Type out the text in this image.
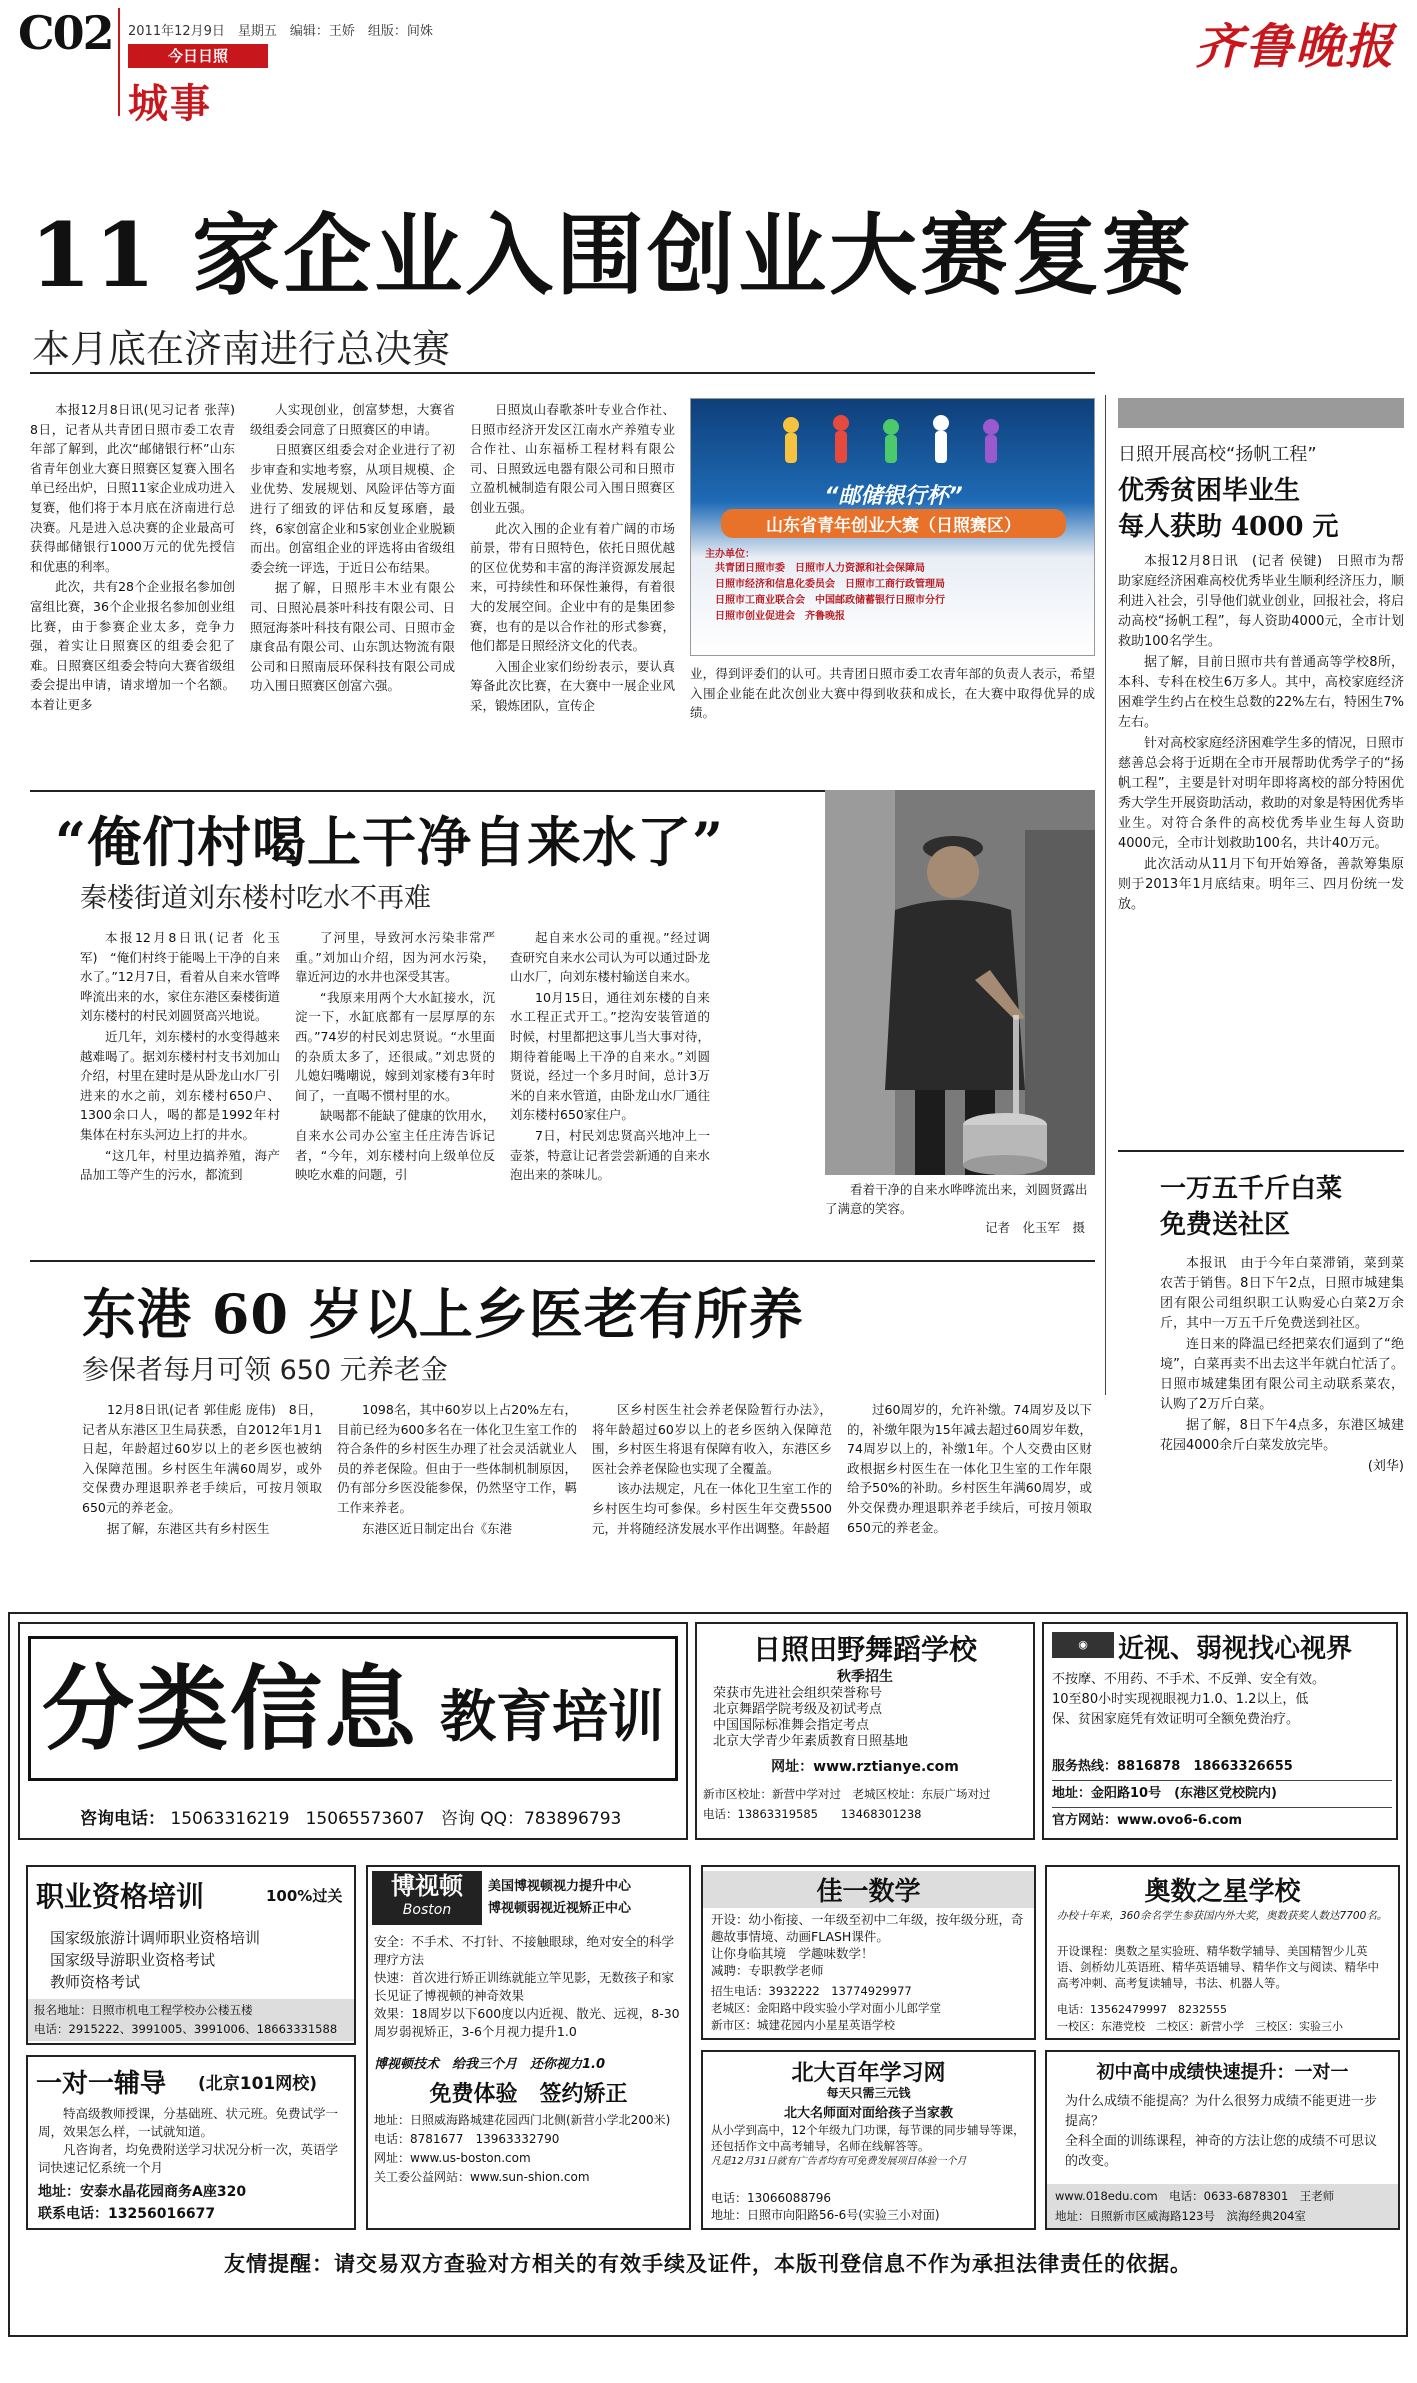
C02 2011年12月9日　星期五　编辑：王娇　组版：间姝
今日日照
城事
齐鲁晚报
11 家企业入围创业大赛复赛
本月底在济南进行总决赛

本报12月8日讯(见习记者 张萍)　8日，记者从共青团日照市委工农青年部了解到，此次“邮储银行杯”山东省青年创业大赛日照赛区复赛入围名单已经出炉，日照11家企业成功进入复赛，他们将于本月底在济南进行总决赛。凡是进入总决赛的企业最高可获得邮储银行1000万元的优先授信和优惠的利率。

此次，共有28个企业报名参加创富组比赛，36个企业报名参加创业组比赛，由于参赛企业太多，竞争力强，着实让日照赛区的组委会犯了难。日照赛区组委会特向大赛省级组委会提出申请，请求增加一个名额。本着让更多

人实现创业，创富梦想，大赛省级组委会同意了日照赛区的申请。

日照赛区组委会对企业进行了初步审查和实地考察，从项目规模、企业优势、发展规划、风险评估等方面进行了细致的评估和反复琢磨，最终，6家创富企业和5家创业企业脱颖而出。创富组企业的评选将由省级组委会统一评选，于近日公布结果。

据了解，日照彤丰木业有限公司、日照沁晨茶叶科技有限公司、日照冠海茶叶科技有限公司、日照市金康食品有限公司、山东凯达物流有限公司和日照南辰环保科技有限公司成功入围日照赛区创富六强。

日照岚山春歌茶叶专业合作社、日照市经济开发区江南水产养殖专业合作社、山东福桥工程材料有限公司、日照致远电器有限公司和日照市立盈机械制造有限公司入围日照赛区创业五强。

此次入围的企业有着广阔的市场前景，带有日照特色，依托日照优越的区位优势和丰富的海洋资源发展起来，可持续性和环保性兼得，有着很大的发展空间。企业中有的是集团参赛，也有的是以合作社的形式参赛，他们都是日照经济文化的代表。

入围企业家们纷纷表示，要认真筹备此次比赛，在大赛中一展企业风采，锻炼团队，宣传企

“邮储银行杯”
山东省青年创业大赛（日照赛区）
主办单位：
共青团日照市委　日照市人力资源和社会保障局
日照市经济和信息化委员会　日照市工商行政管理局
日照市工商业联合会　中国邮政储蓄银行日照市分行
日照市创业促进会　齐鲁晚报

业，得到评委们的认可。共青团日照市委工农青年部的负责人表示，希望入围企业能在此次创业大赛中得到收获和成长，在大赛中取得优异的成绩。

日照开展高校“扬帆工程”
优秀贫困毕业生
每人获助 4000 元

本报12月8日讯　(记者 侯键)　日照市为帮助家庭经济困难高校优秀毕业生顺利经济压力，顺利进入社会，引导他们就业创业，回报社会，将启动高校“扬帆工程”，每人资助4000元，全市计划救助100名学生。

据了解，目前日照市共有普通高等学校8所，本科、专科在校生6万多人。其中，高校家庭经济困难学生约占在校生总数的22%左右，特困生7%左右。

针对高校家庭经济困难学生多的情况，日照市慈善总会将于近期在全市开展帮助优秀学子的“扬帆工程”，主要是针对明年即将离校的部分特困优秀大学生开展资助活动，救助的对象是特困优秀毕业生。对符合条件的高校优秀毕业生每人资助4000元，全市计划救助100名，共计40万元。

此次活动从11月下旬开始筹备，善款筹集原则于2013年1月底结束。明年三、四月份统一发放。

“俺们村喝上干净自来水了”
秦楼街道刘东楼村吃水不再难

本报12月8日讯(记者 化玉军)　“俺们村终于能喝上干净的自来水了。”12月7日，看着从自来水管哗哗流出来的水，家住东港区秦楼街道刘东楼村的村民刘圆贤高兴地说。

近几年，刘东楼村的水变得越来越难喝了。据刘东楼村村支书刘加山介绍，村里在建时是从卧龙山水厂引进来的水之前，刘东楼村650户、1300余口人，喝的都是1992年村集体在村东头河边上打的井水。

“这几年，村里边搞养殖，海产品加工等产生的污水，都流到

了河里，导致河水污染非常严重。”刘加山介绍，因为河水污染，靠近河边的水井也深受其害。

“我原来用两个大水缸接水，沉淀一下，水缸底都有一层厚厚的东西。”74岁的村民刘忠贤说。“水里面的杂质太多了，还很咸。”刘忠贤的儿媳妇嘴嘲说，嫁到刘家楼有3年时间了，一直喝不惯村里的水。

缺喝都不能缺了健康的饮用水，自来水公司办公室主任庄涛告诉记者，“今年，刘东楼村向上级单位反映吃水难的问题，引

起自来水公司的重视。”经过调查研究自来水公司认为可以通过卧龙山水厂，向刘东楼村输送自来水。

10月15日，通往刘东楼的自来水工程正式开工。”挖沟安装管道的时候，村里都把这事儿当大事对待，期待着能喝上干净的自来水。”刘圆贤说，经过一个多月时间，总计3万米的自来水管道，由卧龙山水厂通往刘东楼村650家住户。

7日，村民刘忠贤高兴地冲上一壶茶，特意让记者尝尝新通的自来水泡出来的茶味儿。

看着干净的自来水哗哗流出来，刘圆贤露出了满意的笑容。
记者　化玉军　摄
一万五千斤白菜
免费送社区

本报讯　由于今年白菜滞销，菜到菜农苦于销售。8日下午2点，日照市城建集团有限公司组织职工认购爱心白菜2万余斤，其中一万五千斤免费送到社区。

连日来的降温已经把菜农们逼到了“绝境”，白菜再卖不出去这半年就白忙活了。日照市城建集团有限公司主动联系菜农，认购了2万斤白菜。

据了解，8日下午4点多，东港区城建花园4000余斤白菜发放完毕。

(刘华)
东港 60 岁以上乡医老有所养
参保者每月可领 650 元养老金

12月8日讯(记者 郭佳彪 庞伟)　8日，记者从东港区卫生局获悉，自2012年1月1日起，年龄超过60岁以上的老乡医也被纳入保障范围。乡村医生年满60周岁，或外交保费办理退职养老手续后，可按月领取650元的养老金。

据了解，东港区共有乡村医生

1098名，其中60岁以上占20%左右，目前已经为600多名在一体化卫生室工作的符合条件的乡村医生办理了社会灵活就业人员的养老保险。但由于一些体制机制原因，仍有部分乡医没能参保，仍然坚守工作，羁工作来养老。

东港区近日制定出台《东港

区乡村医生社会养老保险暂行办法》，将年龄超过60岁以上的老乡医纳入保障范围，乡村医生将退有保障有收入，东港区乡医社会养老保险也实现了全覆盖。

该办法规定，凡在一体化卫生室工作的乡村医生均可参保。乡村医生年交费5500元，并将随经济发展水平作出调整。年龄超

过60周岁的，允许补缴。74周岁及以下的，补缴年限为15年减去超过60周岁年数，74周岁以上的，补缴1年。个人交费由区财政根据乡村医生在一体化卫生室的工作年限给予50%的补助。乡村医生年满60周岁，或外交保费办理退职养老手续后，可按月领取650元的养老金。

分类信息 教育培训
咨询电话： 15063316219 15065573607 咨询 QQ：783896793
日照田野舞蹈学校
秋季招生
荣获市先进社会组织荣誉称号
北京舞蹈学院考级及初试考点
中国国际标准舞会指定考点
北京大学青少年素质教育日照基地
网址：www.rztianye.com
新市区校址：新营中学对过　老城区校址：东辰广场对过
电话：13863319585　　13468301238
◉	近视、弱视找心视界
不按摩、不用药、不手术、不反弹、安全有效。
10至80小时实现视眼视力1.0、1.2以上，低
保、贫困家庭凭有效证明可全额免费治疗。
服务热线：8816878　18663326655
地址：金阳路10号　(东港区党校院内)
官方网站：www.ovo6-6.com
职业资格培训	100%过关
国家级旅游计调师职业资格培训
国家级导游职业资格考试
教师资格考试
报名地址：日照市机电工程学校办公楼五楼
电话：2915222、3991005、3991006、18663331588
一对一辅导 (北京101网校)
特高级教师授课，分基础班、状元班。免费试学一周，效果怎么样，一试就知道。
凡咨询者，均免费附送学习状况分析一次，英语学词快速记忆系统一个月
地址：安泰水晶花园商务A座320
联系电话：13256016677
博视顿
Boston
美国博视顿视力提升中心
博视顿弱视近视矫正中心
安全：不手术、不打针、不接触眼球，绝对安全的科学理疗方法
快速：首次进行矫正训练就能立竿见影，无数孩子和家长见证了博视顿的神奇效果
效果：18周岁以下600度以内近视、散光、远视，8-30周岁弱视矫正，3-6个月视力提升1.0
博视顿技术　给我三个月　还你视力1.0
免费体验　签约矫正
地址：日照威海路城建花园西门北侧(新营小学北200米)
电话：8781677　13963332790
网址：www.us-boston.com
关工委公益网站：www.sun-shion.com
佳一数学
开设：幼小衔接、一年级至初中二年级，按年级分班，奇趣故事情境、动画FLASH课件。
让你身临其境　学趣味数学！
减聘：专职教学老师
招生电话：3932222　13774929977
老城区：金阳路中段实验小学对面小儿郎学堂
新市区：城建花园内小星星英语学校
北大百年学习网
每天只需三元钱
北大名师面对面给孩子当家教
从小学到高中，12个年级九门功课，每节课的同步辅导等课，还包括作文中高考辅导，名师在线解答等。
凡是12月31日就有广告者均有可免费发展项目体验一个月
电话：13066088796
地址：日照市向阳路56-6号(实验三小对面)
奥数之星学校
办校十年来，360余名学生参获国内外大奖，奥数获奖人数达7700名。
开设课程：奥数之星实验班、精华数学辅导、美国精智少儿英语、剑桥幼儿英语班、精华英语辅导、精华作文与阅读、精华中高考冲刺、高考复读辅导，书法、机器人等。
电话：13562479997　8232555
一校区：东港党校　二校区：新营小学　三校区：实验三小
初中高中成绩快速提升：一对一
为什么成绩不能提高？为什么很努力成绩不能更进一步提高？
全科全面的训练课程，神奇的方法让您的成绩不可思议的改变。
www.018edu.com　电话：0633-6878301　王老师
地址：日照新市区威海路123号　滨海经典204室
友情提醒：请交易双方查验对方相关的有效手续及证件，本版刊登信息不作为承担法律责任的依据。
